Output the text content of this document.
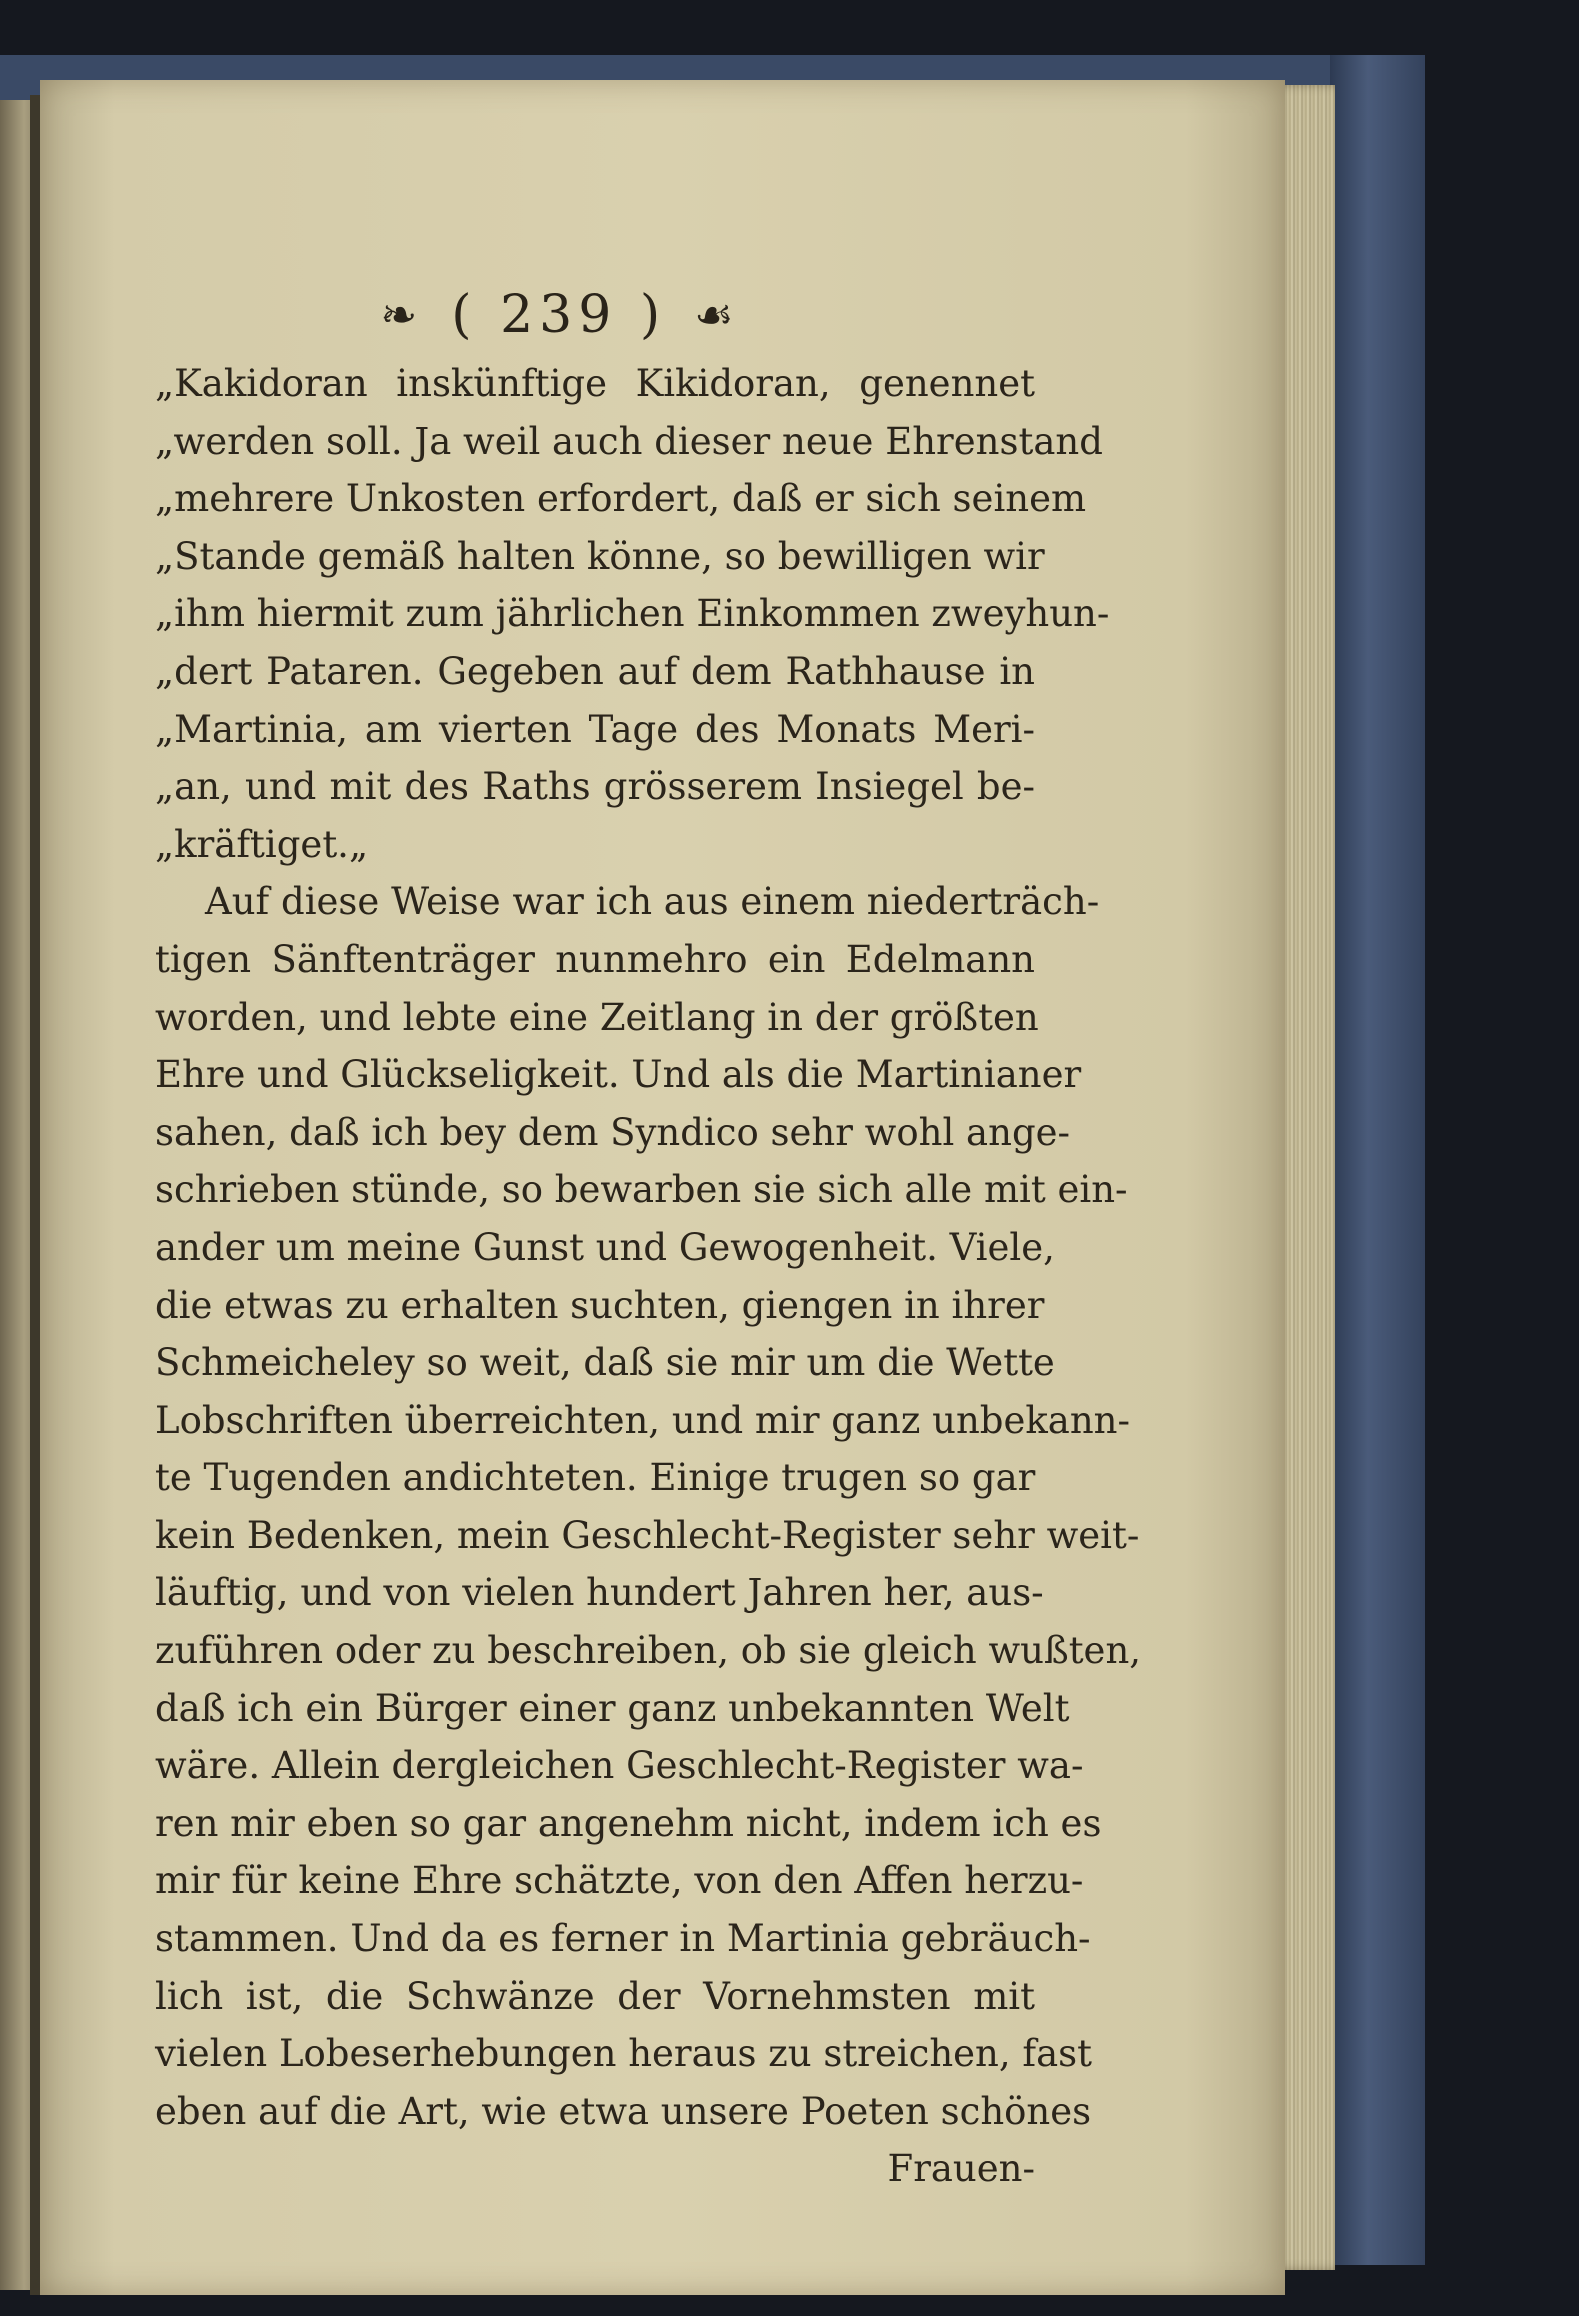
❧ ( 239 ) ☙
„Kakidoran inskünftige Kikidoran, genennet
„werden soll. Ja weil auch dieser neue Ehrenstand
„mehrere Unkosten erfordert, daß er sich seinem
„Stande gemäß halten könne, so bewilligen wir
„ihm hiermit zum jährlichen Einkommen zweyhun-
„dert Pataren. Gegeben auf dem Rathhause in
„Martinia, am vierten Tage des Monats Meri-
„an, und mit des Raths grösserem Insiegel be-
„kräftiget.„
Auf diese Weise war ich aus einem niederträch-
tigen Sänftenträger nunmehro ein Edelmann
worden, und lebte eine Zeitlang in der größten
Ehre und Glückseligkeit. Und als die Martinianer
sahen, daß ich bey dem Syndico sehr wohl ange-
schrieben stünde, so bewarben sie sich alle mit ein-
ander um meine Gunst und Gewogenheit. Viele,
die etwas zu erhalten suchten, giengen in ihrer
Schmeicheley so weit, daß sie mir um die Wette
Lobschriften überreichten, und mir ganz unbekann-
te Tugenden andichteten. Einige trugen so gar
kein Bedenken, mein Geschlecht-Register sehr weit-
läuftig, und von vielen hundert Jahren her, aus-
zuführen oder zu beschreiben, ob sie gleich wußten,
daß ich ein Bürger einer ganz unbekannten Welt
wäre. Allein dergleichen Geschlecht-Register wa-
ren mir eben so gar angenehm nicht, indem ich es
mir für keine Ehre schätzte, von den Affen herzu-
stammen. Und da es ferner in Martinia gebräuch-
lich ist, die Schwänze der Vornehmsten mit
vielen Lobeserhebungen heraus zu streichen, fast
eben auf die Art, wie etwa unsere Poeten schönes
Frauen-
